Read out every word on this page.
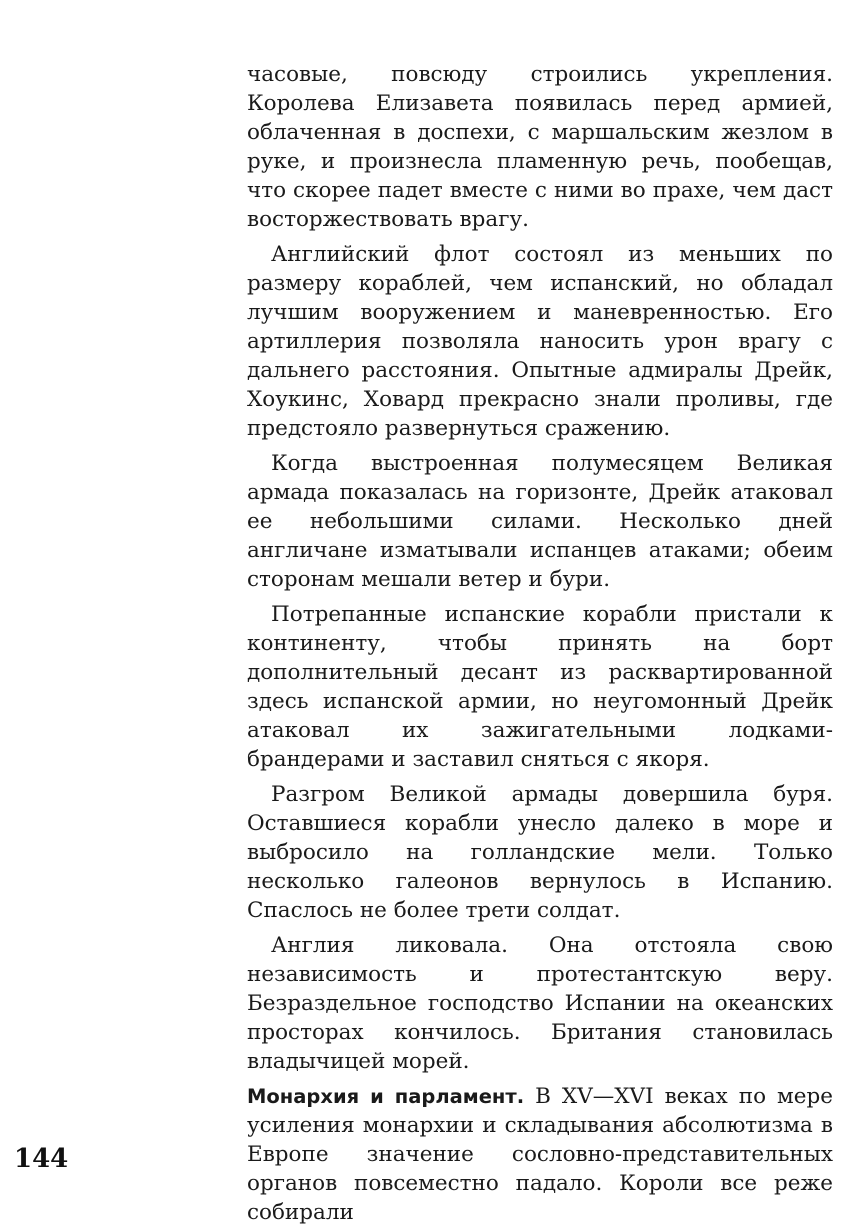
часовые, повсюду строились укрепления. Королева Елизавета появилась перед армией, облаченная в доспехи, с маршальским жезлом в руке, и произнесла пламенную речь, пообещав, что скорее падет вместе с ними во прахе, чем даст восторжествовать врагу.

Английский флот состоял из меньших по размеру кораблей, чем испанский, но обладал лучшим вооружением и маневренностью. Его артиллерия позволяла наносить урон врагу с дальнего расстояния. Опытные адмиралы Дрейк, Хоукинс, Ховард прекрасно знали проливы, где предстояло развернуться сражению.

Когда выстроенная полумесяцем Великая армада показалась на горизонте, Дрейк атаковал ее небольшими силами. Несколько дней англичане изматывали испанцев атаками; обеим сторонам мешали ветер и бури.

Потрепанные испанские корабли пристали к континенту, чтобы принять на борт дополнительный десант из расквартированной здесь испанской армии, но неугомонный Дрейк атаковал их зажигательными лодками-брандерами и заставил сняться с якоря.

Разгром Великой армады довершила буря. Оставшиеся корабли унесло далеко в море и выбросило на голландские мели. Только несколько галеонов вернулось в Испанию. Спаслось не более трети солдат.

Англия ликовала. Она отстояла свою независимость и протестантскую веру. Безраздельное господство Испании на океанских просторах кончилось. Британия становилась владычицей морей.

Монархия и парламент. В XV—XVI веках по мере усиления монархии и складывания абсолютизма в Европе значение сословно-представительных органов повсеместно падало. Короли все реже собирали

144
